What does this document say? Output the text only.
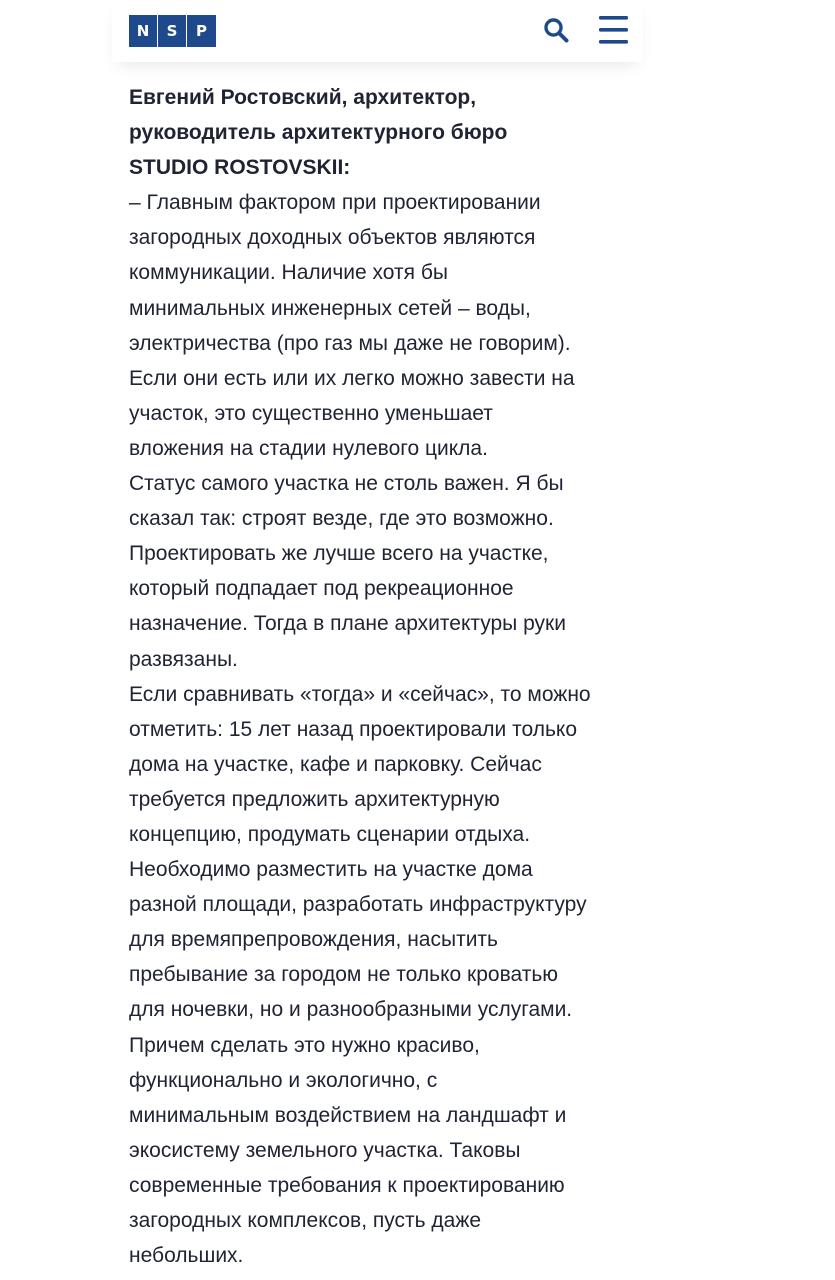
N	S	P

Евгений Ростовский, архитектор,
руководитель архитектурного бюро
STUDIO ROSTOVSKII:

– Главным фактором при проектировании
загородных доходных объектов являются
коммуникации. Наличие хотя бы
минимальных инженерных сетей – воды,
электричества (про газ мы даже не говорим).
Если они есть или их легко можно завести на
участок, это существенно уменьшает
вложения на стадии нулевого цикла.

Статус самого участка не столь важен. Я бы
сказал так: строят везде, где это возможно.
Проектировать же лучше всего на участке,
который подпадает под рекреационное
назначение. Тогда в плане архитектуры руки
развязаны.

Если сравнивать «тогда» и «сейчас», то можно
отметить: 15 лет назад проектировали только
дома на участке, кафе и парковку. Сейчас
требуется предложить архитектурную
концепцию, продумать сценарии отдыха.
Необходимо разместить на участке дома
разной площади, разработать инфраструктуру
для времяпрепровождения, насытить
пребывание за городом не только кроватью
для ночевки, но и разнообразными услугами.
Причем сделать это нужно красиво,
функционально и экологично, с
минимальным воздействием на ландшафт и
экосистему земельного участка. Таковы
современные требования к проектированию
загородных комплексов, пусть даже
небольших.
